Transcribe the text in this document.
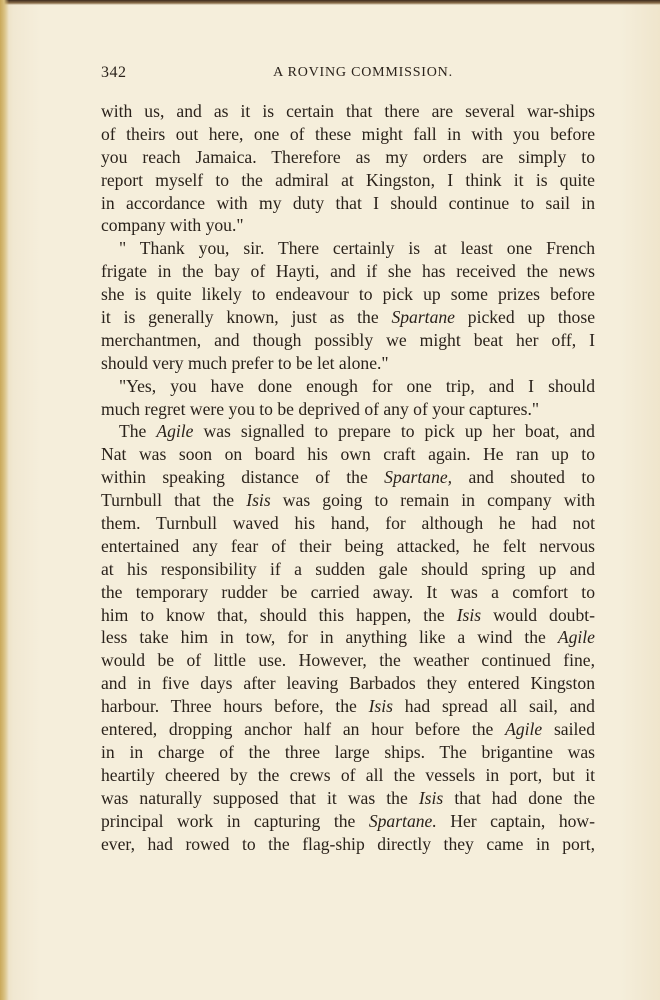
342	A ROVING COMMISSION.
with us, and as it is certain that there are several war-ships
of theirs out here, one of these might fall in with you before
you reach Jamaica. Therefore as my orders are simply to
report myself to the admiral at Kingston, I think it is quite
in accordance with my duty that I should continue to sail in
company with you."
" Thank you, sir. There certainly is at least one French
frigate in the bay of Hayti, and if she has received the news
she is quite likely to endeavour to pick up some prizes before
it is generally known, just as the Spartane picked up those
merchantmen, and though possibly we might beat her off, I
should very much prefer to be let alone."
"Yes, you have done enough for one trip, and I should
much regret were you to be deprived of any of your captures."
The Agile was signalled to prepare to pick up her boat, and
Nat was soon on board his own craft again. He ran up to
within speaking distance of the Spartane, and shouted to
Turnbull that the Isis was going to remain in company with
them. Turnbull waved his hand, for although he had not
entertained any fear of their being attacked, he felt nervous
at his responsibility if a sudden gale should spring up and
the temporary rudder be carried away. It was a comfort to
him to know that, should this happen, the Isis would doubt-
less take him in tow, for in anything like a wind the Agile
would be of little use. However, the weather continued fine,
and in five days after leaving Barbados they entered Kingston
harbour. Three hours before, the Isis had spread all sail, and
entered, dropping anchor half an hour before the Agile sailed
in in charge of the three large ships. The brigantine was
heartily cheered by the crews of all the vessels in port, but it
was naturally supposed that it was the Isis that had done the
principal work in capturing the Spartane. Her captain, how-
ever, had rowed to the flag-ship directly they came in port,
